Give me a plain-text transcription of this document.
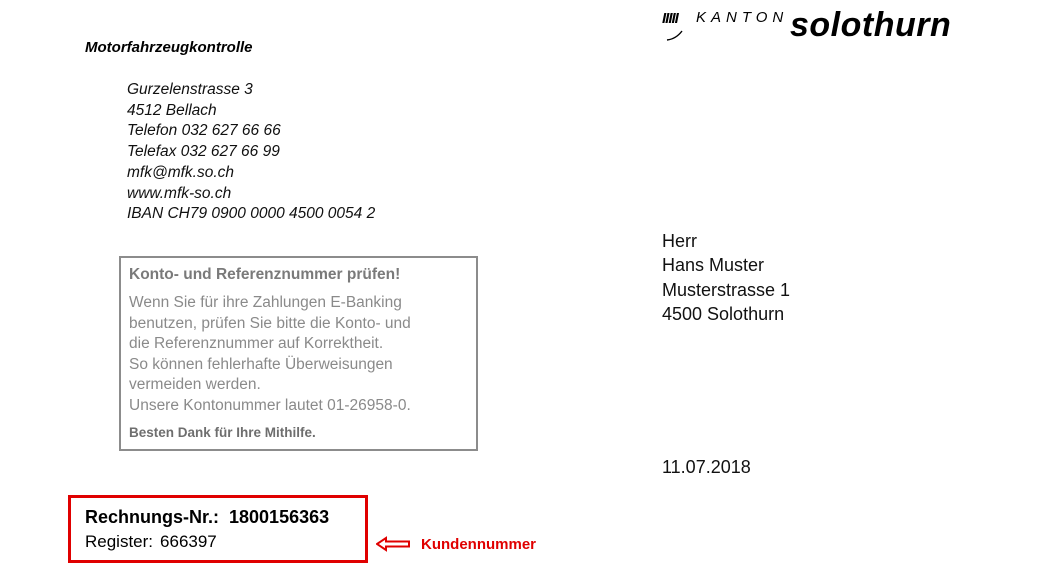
IIIII KANTON solothurn
Motorfahrzeugkontrolle
Gurzelenstrasse 3
4512 Bellach
Telefon 032 627 66 66
Telefax 032 627 66 99
mfk@mfk.so.ch
www.mfk-so.ch
IBAN CH79 0900 0000 4500 0054 2
Konto- und Referenznummer prüfen!
Wenn Sie für ihre Zahlungen E-Banking
benutzen, prüfen Sie bitte die Konto- und
die Referenznummer auf Korrektheit.
So können fehlerhafte Überweisungen
vermeiden werden.
Unsere Kontonummer lautet 01-26958-0.
Besten Dank für Ihre Mithilfe.
Herr
Hans Muster
Musterstrasse 1
4500 Solothurn
11.07.2018
Rechnungs-Nr.: 1800156363
Register: 666397	Kundennummer
